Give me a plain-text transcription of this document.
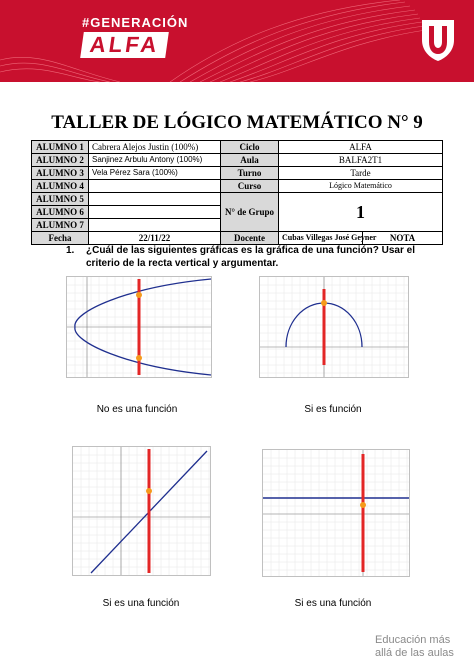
#GENERACIÓN
ALFA
TALLER DE LÓGICO MATEMÁTICO N° 9
ALUMNO 1	Cabrera Alejos Justin (100%)	Ciclo	ALFA	
ALUMNO 2	Sanjinez Arbulu Antony (100%)	Aula	BALFA2T1	
ALUMNO 3	Vela Pérez Sara (100%)	Turno	Tarde	
ALUMNO 4		Curso	Lógico Matemático	
ALUMNO 5		N° de Grupo	1	
ALUMNO 6				
ALUMNO 7				
Fecha	22/11/22	Docente	Cubas Villegas José Geyner	NOTA
1. ¿Cuál de las siguientes gráficas es la gráfica de una función? Usar el criterio de la recta vertical y argumentar.
No es una función	Si es función
Si es una función	Si es una función
Educación más
allá de las aulas
